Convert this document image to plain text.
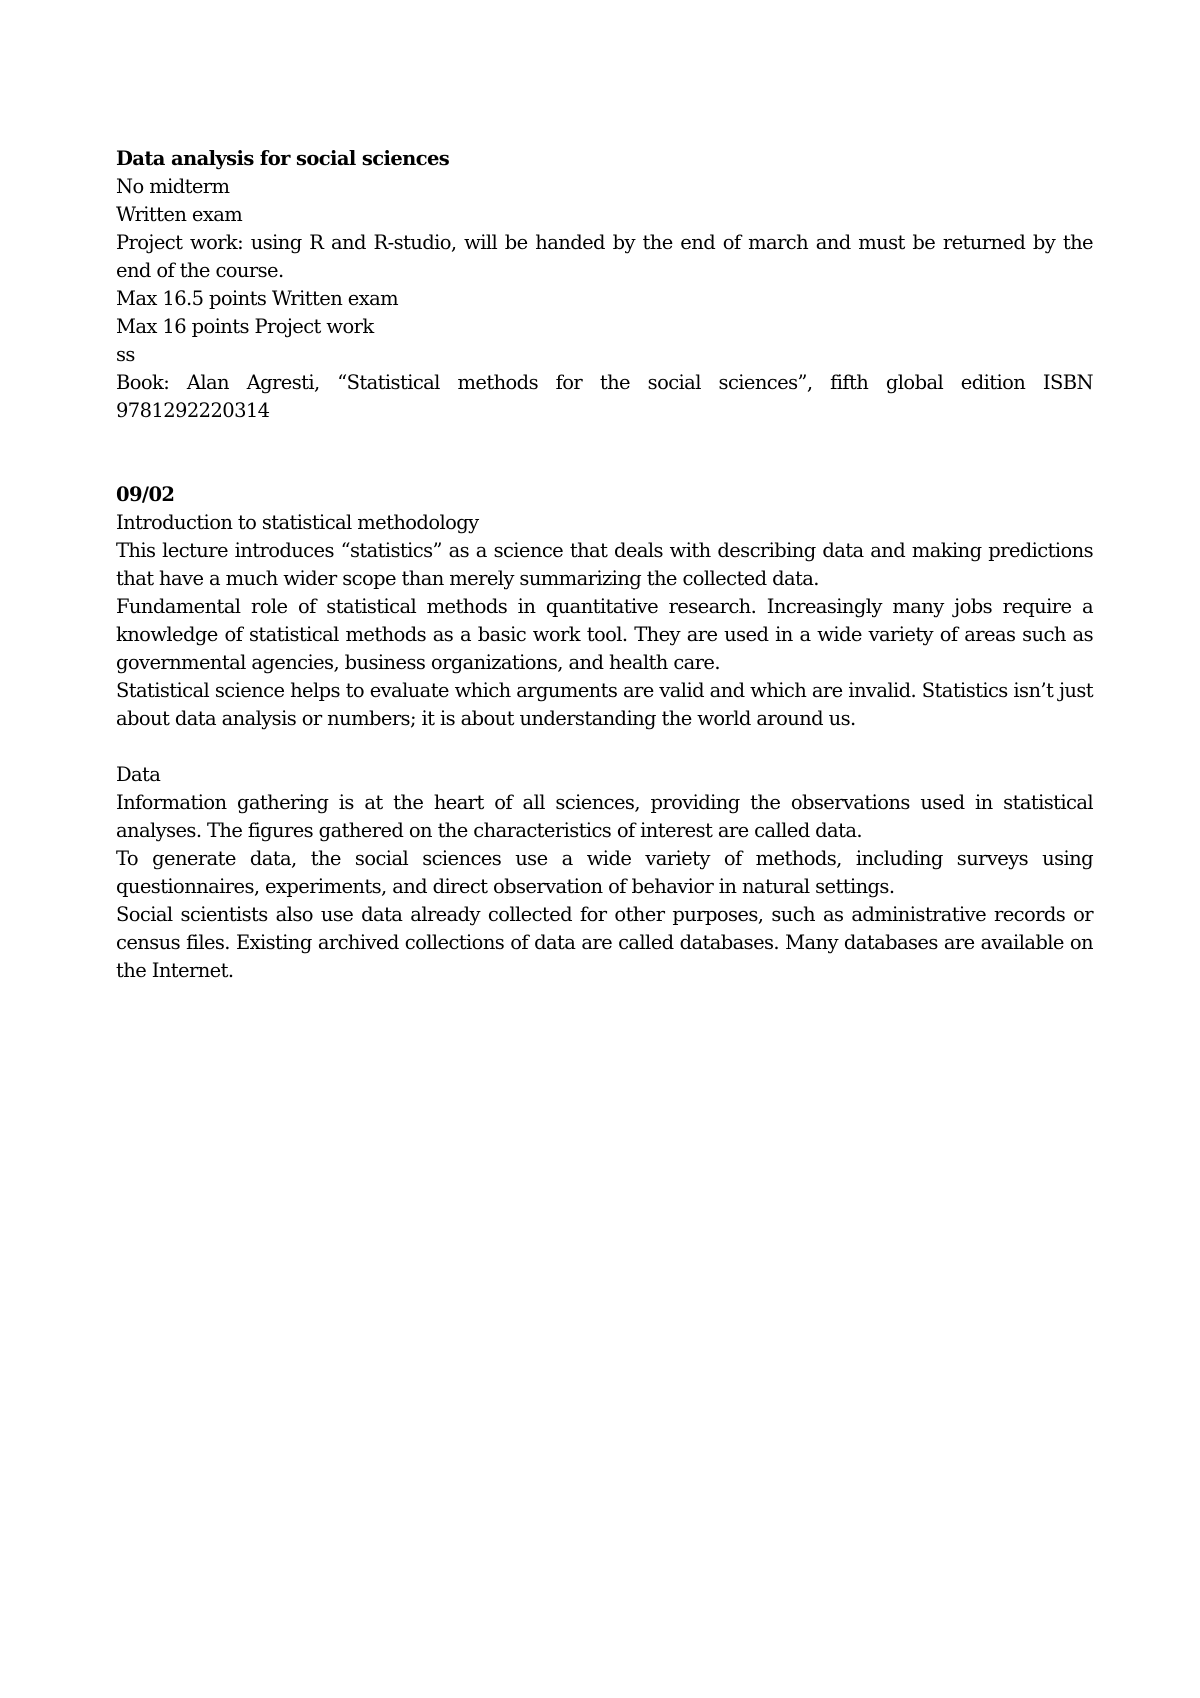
Data analysis for social sciences
No midterm
Written exam
Project work: using R and R-studio, will be handed by the end of march and must be returned by the end of the course.
Max 16.5 points Written exam
Max 16 points Project work
ss
Book: Alan Agresti, “Statistical methods for the social sciences”, fifth global edition ISBN 9781292220314
09/02
Introduction to statistical methodology
This lecture introduces “statistics” as a science that deals with describing data and making predictions that have a much wider scope than merely summarizing the collected data.
Fundamental role of statistical methods in quantitative research. Increasingly many jobs require a knowledge of statistical methods as a basic work tool. They are used in a wide variety of areas such as governmental agencies, business organizations, and health care.
Statistical science helps to evaluate which arguments are valid and which are invalid. Statistics isn’t just about data analysis or numbers; it is about understanding the world around us.
Data
Information gathering is at the heart of all sciences, providing the observations used in statistical analyses. The figures gathered on the characteristics of interest are called data.
To generate data, the social sciences use a wide variety of methods, including surveys using questionnaires, experiments, and direct observation of behavior in natural settings.
Social scientists also use data already collected for other purposes, such as administrative records or census files. Existing archived collections of data are called databases. Many databases are available on the Internet.
